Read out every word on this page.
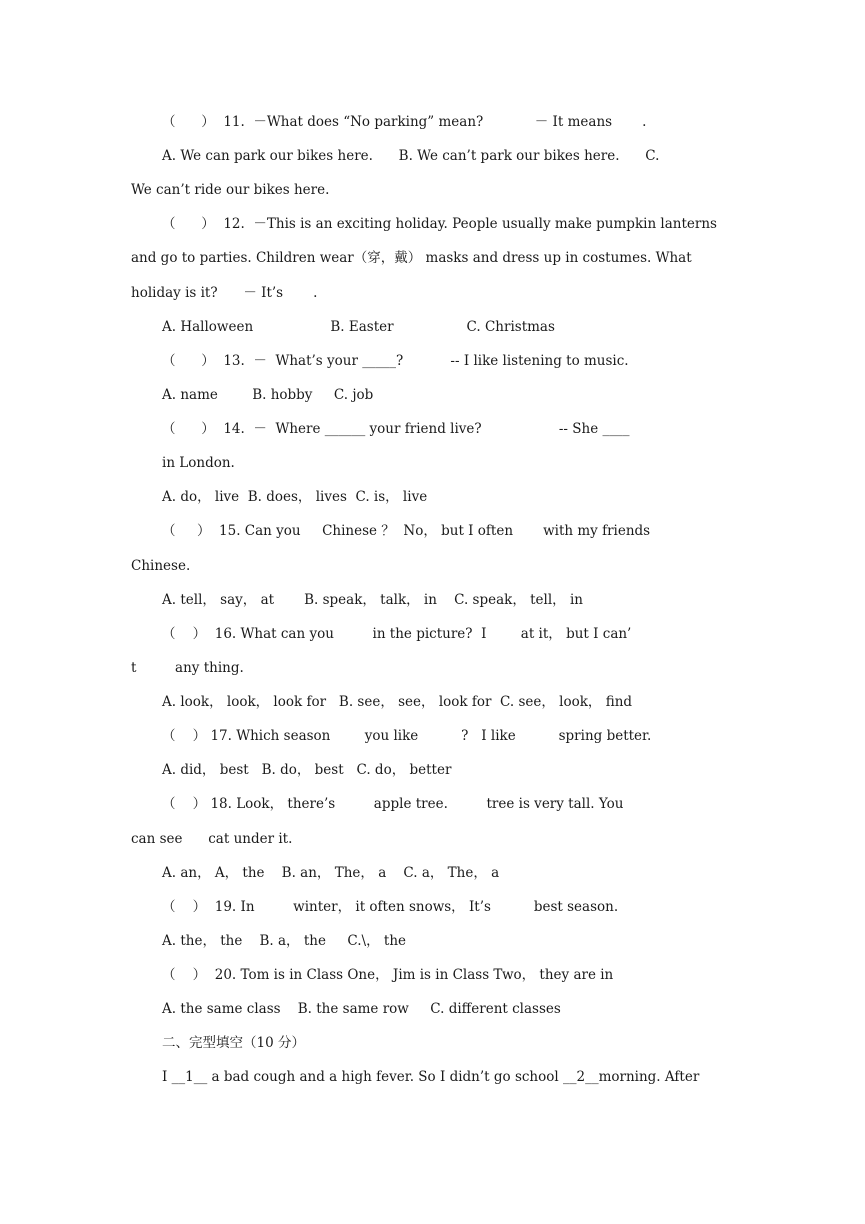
（      ）  11.  －What does “No parking” mean?            － It means       .
A. We can park our bikes here.      B. We can’t park our bikes here.      C.
We can’t ride our bikes here.
（      ）  12.  －This is an exciting holiday. People usually make pumpkin lanterns
and go to parties. Children wear（穿，戴） masks and dress up in costumes. What
holiday is it?      － It’s       .
A. Halloween                  B. Easter                 C. Christmas
（      ）  13.  －  What’s your _____?           -- I like listening to music.
A. name        B. hobby     C. job
（      ）  14.  －  Where ______ your friend live?                  -- She ____
in London.
A. do， live  B. does， lives  C. is， live
（     ）  15. Can you     Chinese ？  No， but I often       with my friends
Chinese.
A. tell， say， at       B. speak， talk， in    C. speak， tell， in
（    ）  16. What can you         in the picture?  I        at it， but I can’
t         any thing.
A. look， look， look for   B. see， see， look for  C. see， look， find
（    ） 17. Which season        you like          ?   I like          spring better.
A. did， best   B. do， best   C. do， better
（    ） 18. Look， there’s         apple tree.         tree is very tall. You
can see      cat under it.
A. an， A， the    B. an， The， a    C. a， The， a
（    ）  19. In         winter， it often snows， It’s          best season.
A. the， the    B. a， the     C.\， the
（    ）  20. Tom is in Class One， Jim is in Class Two， they are in
A. the same class    B. the same row     C. different classes
二、完型填空（10 分）
I __1__ a bad cough and a high fever. So I didn’t go school __2__morning. After
